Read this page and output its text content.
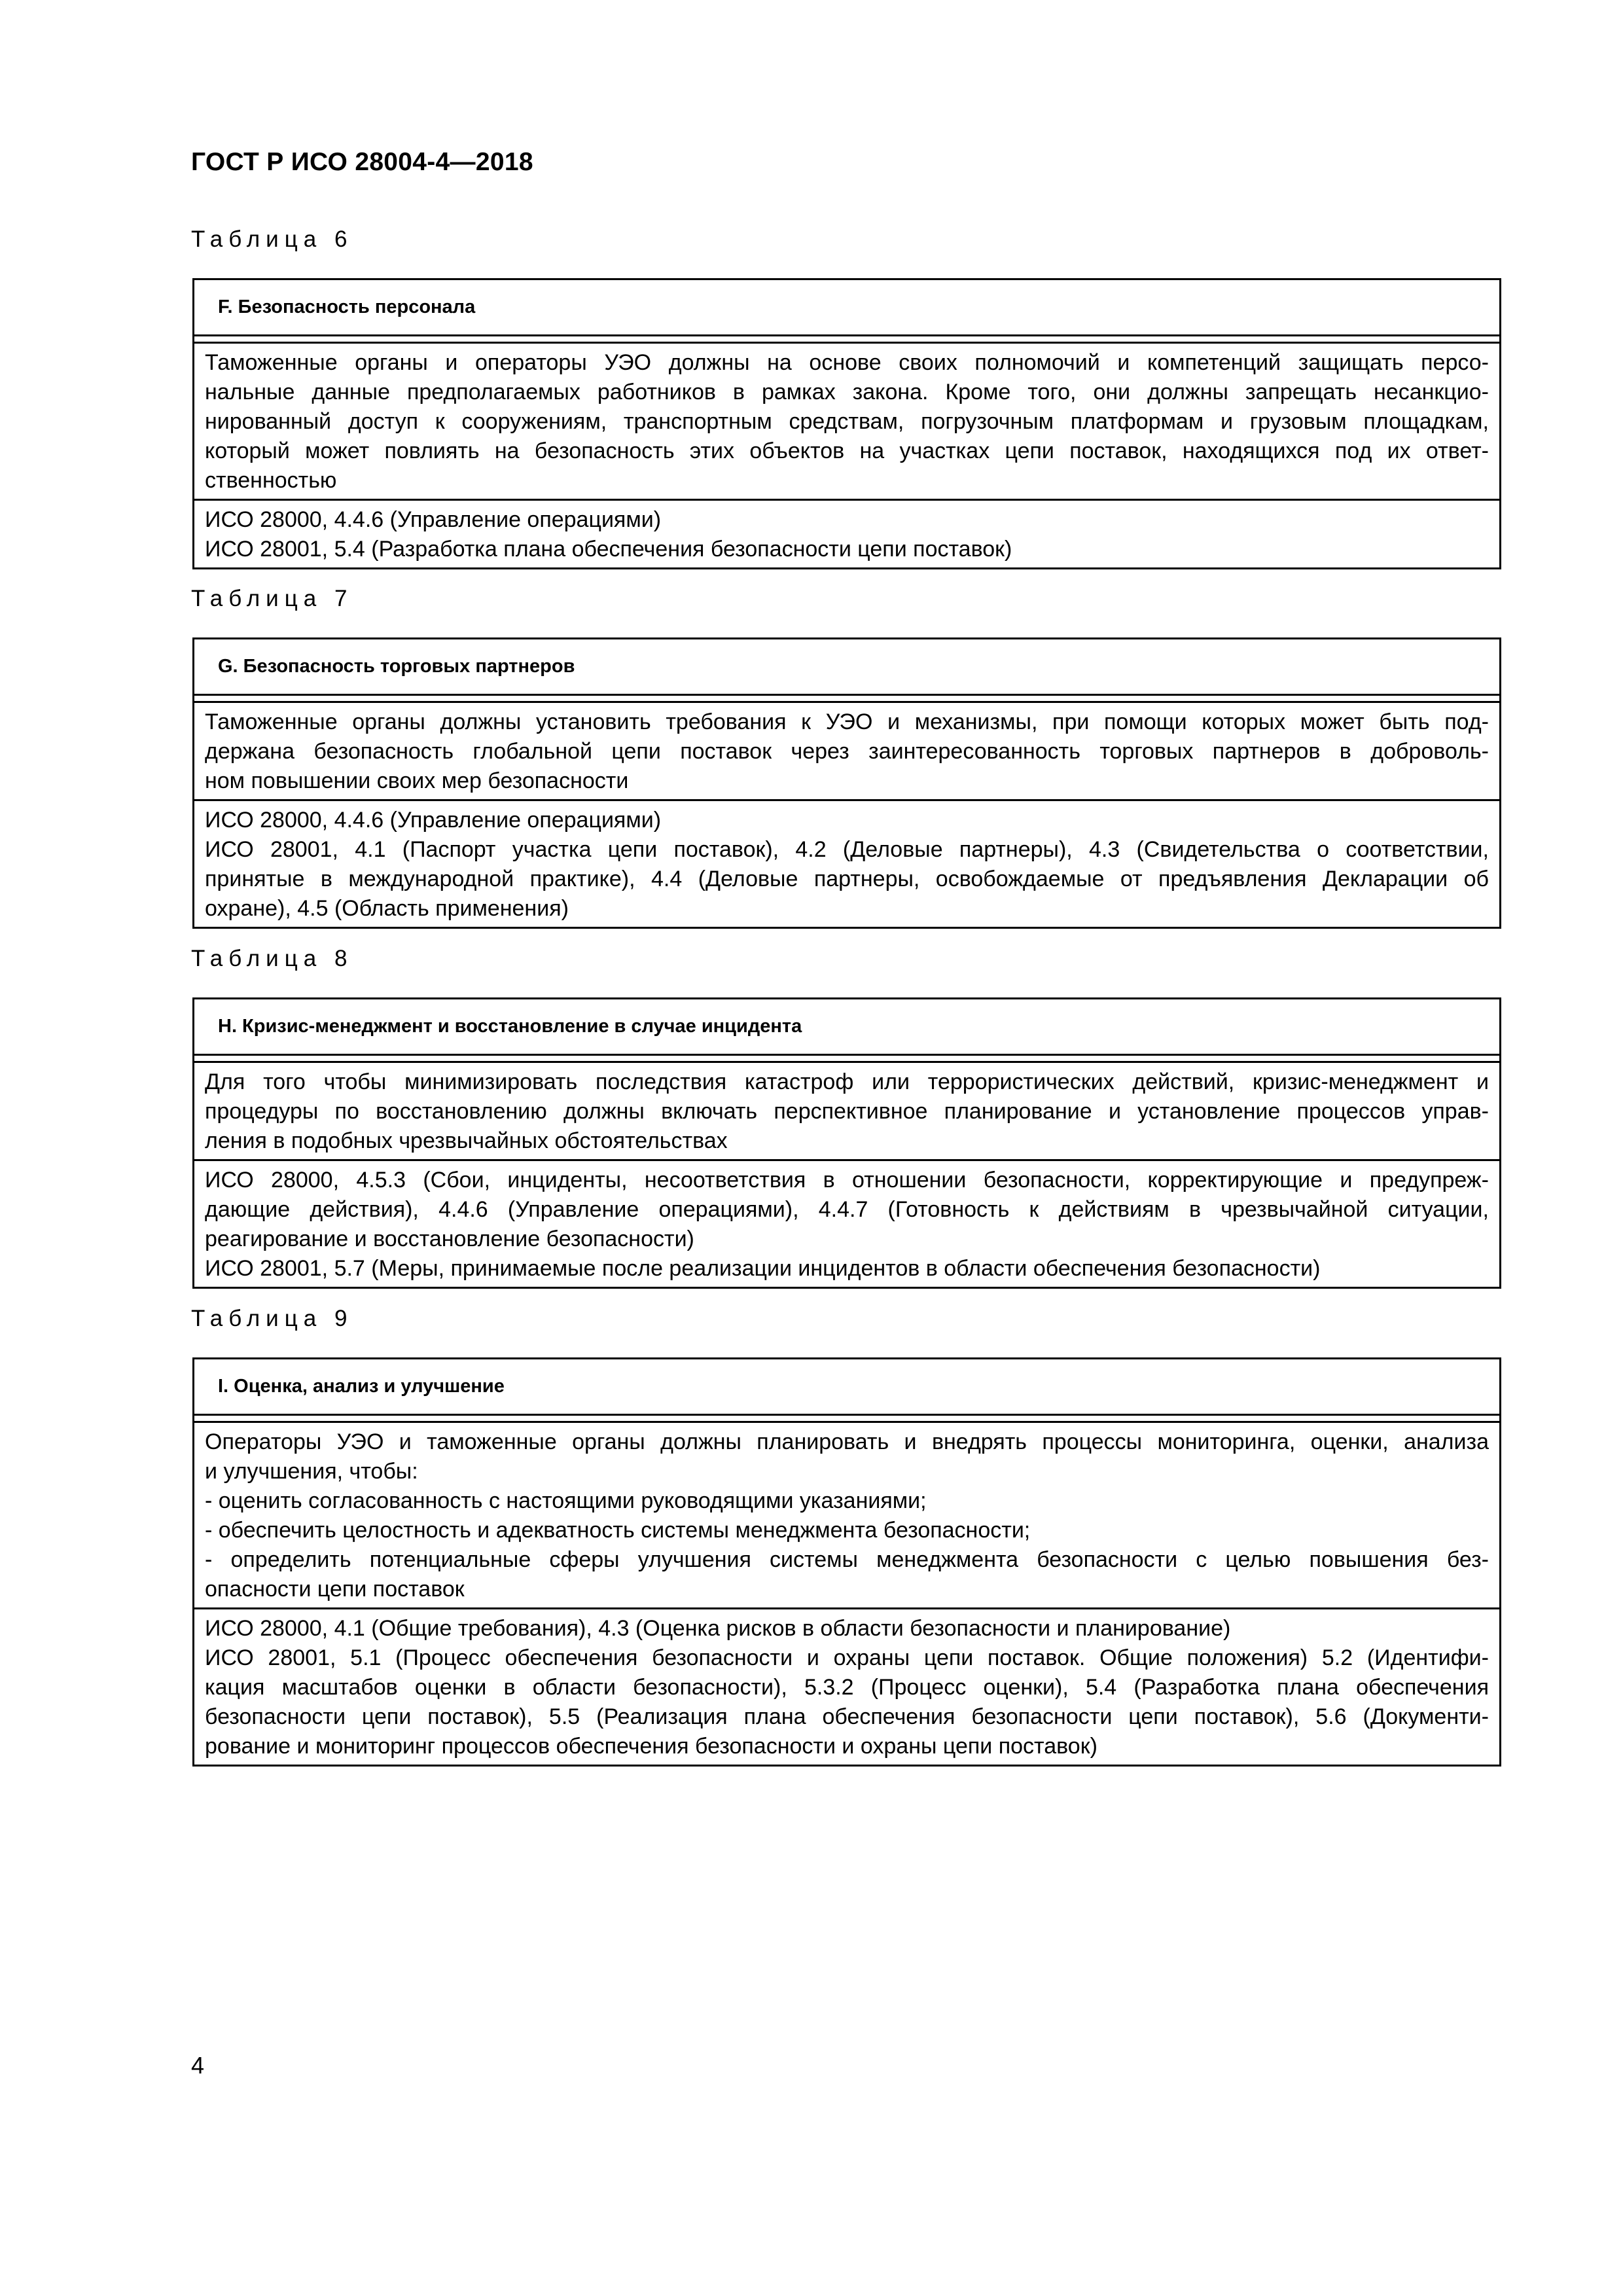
ГОСТ Р ИСО 28004-4—2018
Таблица 6
F. Безопасность персонала
Таможенные органы и операторы УЭО должны на основе своих полномочий и компетенций защищать персо-
нальные данные предполагаемых работников в рамках закона. Кроме того, они должны запрещать несанкцио-
нированный доступ к сооружениям, транспортным средствам, погрузочным платформам и грузовым площадкам,
который может повлиять на безопасность этих объектов на участках цепи поставок, находящихся под их ответ-
ственностью
ИСО 28000, 4.4.6 (Управление операциями)
ИСО 28001, 5.4 (Разработка плана обеспечения безопасности цепи поставок)
Таблица 7
G. Безопасность торговых партнеров
Таможенные органы должны установить требования к УЭО и механизмы, при помощи которых может быть под-
держана безопасность глобальной цепи поставок через заинтересованность торговых партнеров в доброволь-
ном повышении своих мер безопасности
ИСО 28000, 4.4.6 (Управление операциями)
ИСО 28001, 4.1 (Паспорт участка цепи поставок), 4.2 (Деловые партнеры), 4.3 (Свидетельства о соответствии,
принятые в международной практике), 4.4 (Деловые партнеры, освобождаемые от предъявления Декларации об
охране), 4.5 (Область применения)
Таблица 8
Н. Кризис-менеджмент и восстановление в случае инцидента
Для того чтобы минимизировать последствия катастроф или террористических действий, кризис-менеджмент и
процедуры по восстановлению должны включать перспективное планирование и установление процессов управ-
ления в подобных чрезвычайных обстоятельствах
ИСО 28000, 4.5.3 (Сбои, инциденты, несоответствия в отношении безопасности, корректирующие и предупреж-
дающие действия), 4.4.6 (Управление операциями), 4.4.7 (Готовность к действиям в чрезвычайной ситуации,
реагирование и восстановление безопасности)
ИСО 28001, 5.7 (Меры, принимаемые после реализации инцидентов в области обеспечения безопасности)
Таблица 9
I. Оценка, анализ и улучшение
Операторы УЭО и таможенные органы должны планировать и внедрять процессы мониторинга, оценки, анализа
и улучшения, чтобы:
- оценить согласованность с настоящими руководящими указаниями;
- обеспечить целостность и адекватность системы менеджмента безопасности;
- определить потенциальные сферы улучшения системы менеджмента безопасности с целью повышения без-
опасности цепи поставок
ИСО 28000, 4.1 (Общие требования), 4.3 (Оценка рисков в области безопасности и планирование)
ИСО 28001, 5.1 (Процесс обеспечения безопасности и охраны цепи поставок. Общие положения) 5.2 (Идентифи-
кация масштабов оценки в области безопасности), 5.3.2 (Процесс оценки), 5.4 (Разработка плана обеспечения
безопасности цепи поставок), 5.5 (Реализация плана обеспечения безопасности цепи поставок), 5.6 (Документи-
рование и мониторинг процессов обеспечения безопасности и охраны цепи поставок)
4
